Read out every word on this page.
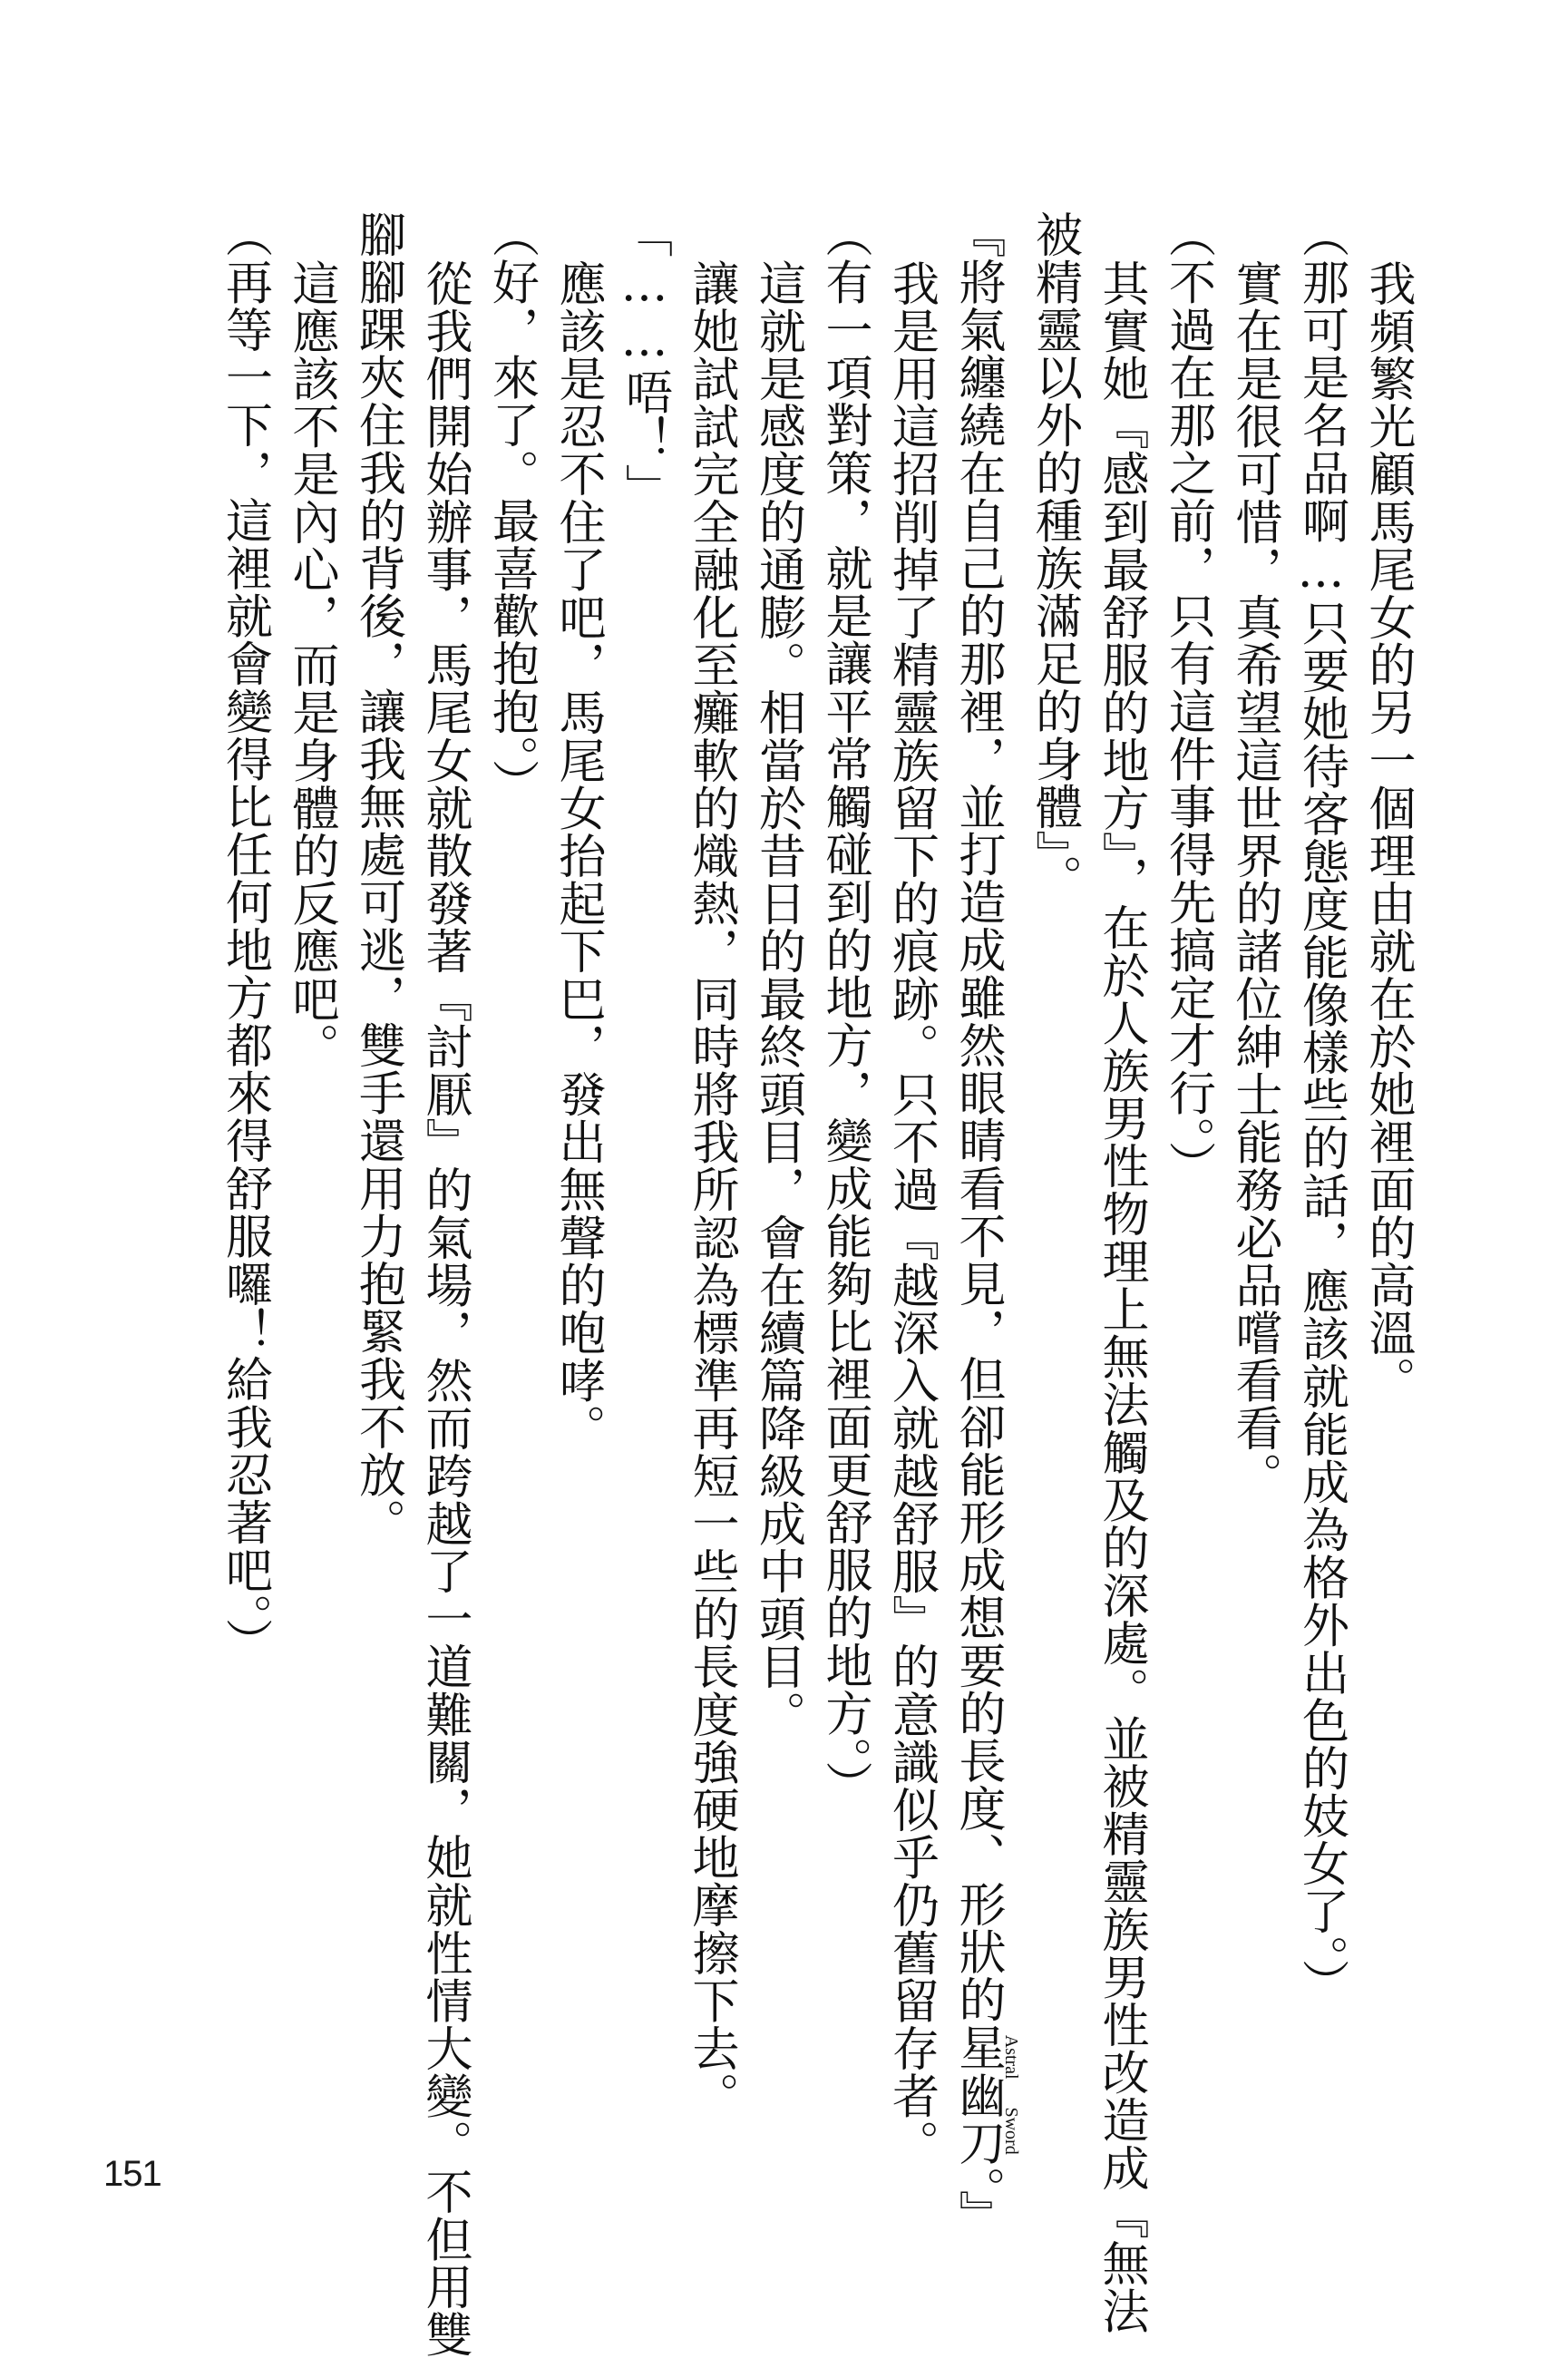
我頻繁光顧馬尾女的另一個理由就在於她裡面的高溫。
（那可是名品啊…只要她待客態度能像樣些的話，應該就能成為格外出色的妓女了。）
實在是很可惜，真希望這世界的諸位紳士能務必品嚐看看。
（不過在那之前，只有這件事得先搞定才行。）
其實她『感到最舒服的地方』，在於人族男性物理上無法觸及的深處。並被精靈族男性改造成『無法
被精靈以外的種族滿足的身體』。
『將氣纏繞在自己的那裡，並打造成雖然眼睛看不見，但卻能形成想要的長度、形狀的星幽刀Astral Sword。』
我是用這招削掉了精靈族留下的痕跡。只不過『越深入就越舒服』的意識似乎仍舊留存者。
（有一項對策，就是讓平常觸碰到的地方，變成能夠比裡面更舒服的地方。）
這就是感度的通膨。相當於昔日的最終頭目，會在續篇降級成中頭目。
讓她試試完全融化至癱軟的熾熱，同時將我所認為標準再短一些的長度強硬地摩擦下去。
「……唔！」
應該是忍不住了吧，馬尾女抬起下巴，發出無聲的咆哮。
（好，來了。最喜歡抱抱。）
從我們開始辦事，馬尾女就散發著『討厭』的氣場，然而跨越了一道難關，她就性情大變。不但用雙
腳腳踝夾住我的背後，讓我無處可逃，雙手還用力抱緊我不放。
這應該不是內心，而是身體的反應吧。
（再等一下，這裡就會變得比任何地方都來得舒服囉！給我忍著吧。）
151
